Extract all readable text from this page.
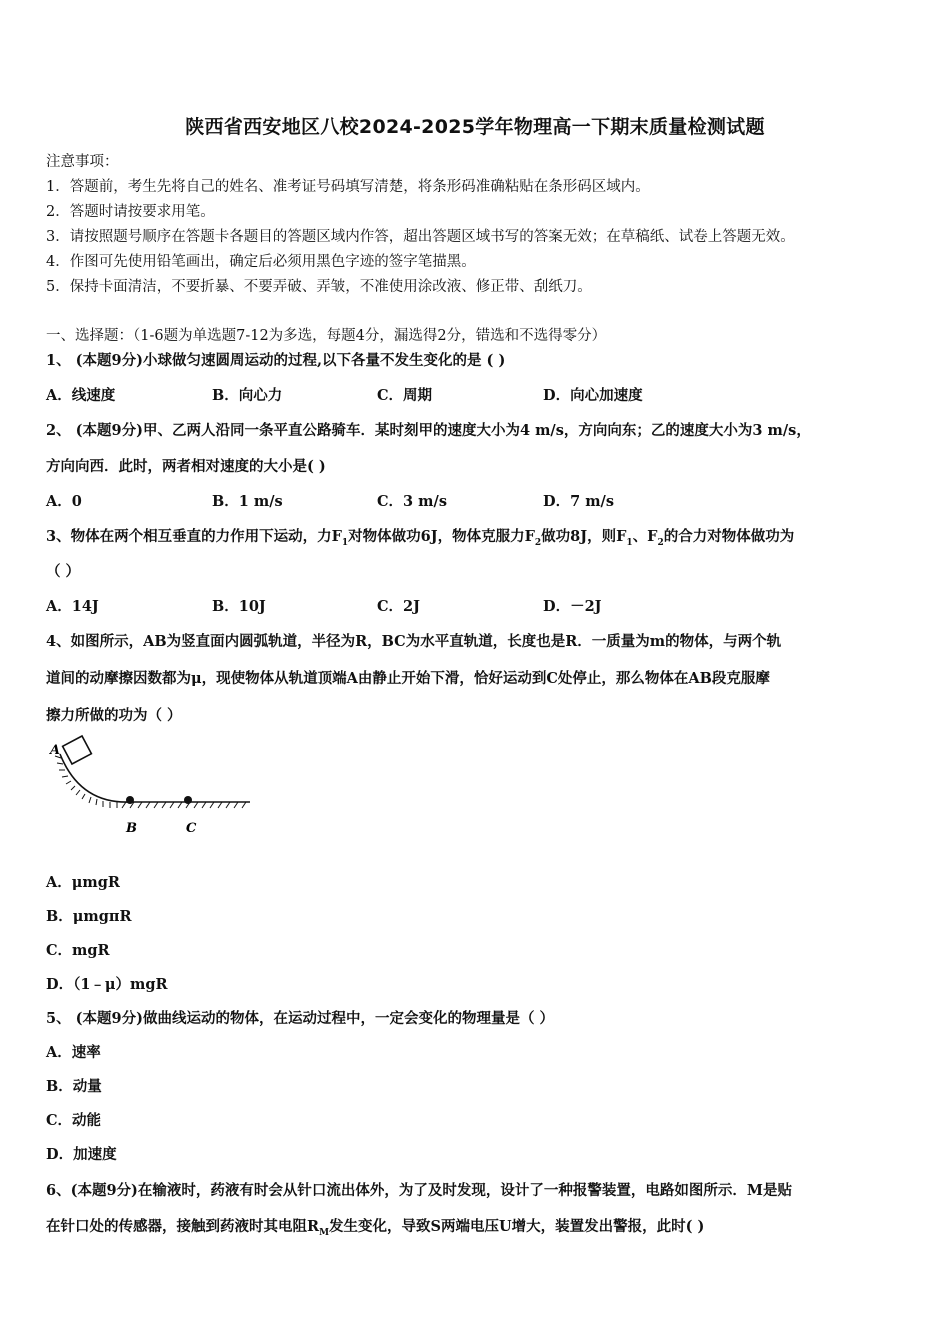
陕西省西安地区八校2024-2025学年物理高一下期末质量检测试题
注意事项：
1．答题前，考生先将自己的姓名、准考证号码填写清楚，将条形码准确粘贴在条形码区域内。
2．答题时请按要求用笔。
3．请按照题号顺序在答题卡各题目的答题区域内作答，超出答题区域书写的答案无效；在草稿纸、试卷上答题无效。
4．作图可先使用铅笔画出，确定后必须用黑色字迹的签字笔描黑。
5．保持卡面清洁，不要折暴、不要弄破、弄皱，不准使用涂改液、修正带、刮纸刀。
一、选择题：（1-6题为单选题7-12为多选，每题4分，漏选得2分，错选和不选得零分）
1、 (本题9分)小球做匀速圆周运动的过程,以下各量不发生变化的是 ( )
A．线速度	B．向心力	C．周期	D．向心加速度
2、 (本题9分)甲、乙两人沿同一条平直公路骑车．某时刻甲的速度大小为4 m/s，方向向东；乙的速度大小为3 m/s，
方向向西．此时，两者相对速度的大小是( )
A．0	B．1 m/s	C．3 m/s	D．7 m/s
3、物体在两个相互垂直的力作用下运动，力$F_1$对物体做功6J，物体克服力$F_2$做功8J，则$F_1$、$F_2$的合力对物体做功为
（ ）
A．14J	B．10J	C．2J	D．－2J
4、如图所示，AB为竖直面内圆弧轨道，半径为R，BC为水平直轨道，长度也是R．一质量为m的物体，与两个轨
道间的动摩擦因数都为μ，现使物体从轨道顶端A由静止开始下滑，恰好运动到C处停止，那么物体在AB段克服摩
擦力所做的功为（ ）
A
B	C
A．μmgR
B．μmgπR
C．mgR
D．（1﹣μ）mgR
5、 (本题9分)做曲线运动的物体，在运动过程中，一定会变化的物理量是（ ）
A．速率
B．动量
C．动能
D．加速度
6、(本题9分)在输液时，药液有时会从针口流出体外，为了及时发现，设计了一种报警装置，电路如图所示．M是贴
在针口处的传感器，接触到药液时其电阻$R_M$发生变化，导致S两端电压U增大，装置发出警报，此时( )
